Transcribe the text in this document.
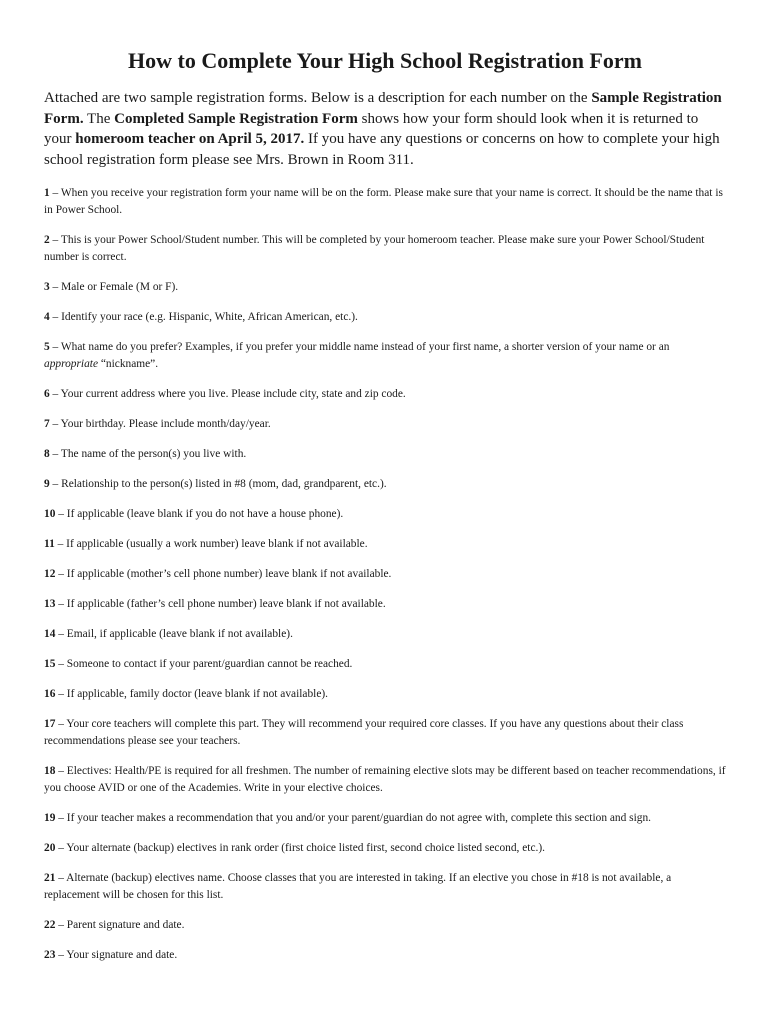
How to Complete Your High School Registration Form

Attached are two sample registration forms. Below is a description for each number on the Sample Registration Form. The Completed Sample Registration Form shows how your form should look when it is returned to your homeroom teacher on April 5, 2017. If you have any questions or concerns on how to complete your high school registration form please see Mrs. Brown in Room 311.

1 – When you receive your registration form your name will be on the form. Please make sure that your name is correct. It should be the name that is in Power School.

2 – This is your Power School/Student number. This will be completed by your homeroom teacher. Please make sure your Power School/Student number is correct.

3 – Male or Female (M or F).

4 – Identify your race (e.g. Hispanic, White, African American, etc.).

5 – What name do you prefer? Examples, if you prefer your middle name instead of your first name, a shorter version of your name or an appropriate “nickname”.

6 – Your current address where you live. Please include city, state and zip code.

7 – Your birthday. Please include month/day/year.

8 – The name of the person(s) you live with.

9 – Relationship to the person(s) listed in #8 (mom, dad, grandparent, etc.).

10 – If applicable (leave blank if you do not have a house phone).

11 – If applicable (usually a work number) leave blank if not available.

12 – If applicable (mother’s cell phone number) leave blank if not available.

13 – If applicable (father’s cell phone number) leave blank if not available.

14 – Email, if applicable (leave blank if not available).

15 – Someone to contact if your parent/guardian cannot be reached.

16 – If applicable, family doctor (leave blank if not available).

17 – Your core teachers will complete this part. They will recommend your required core classes. If you have any questions about their class recommendations please see your teachers.

18 – Electives: Health/PE is required for all freshmen. The number of remaining elective slots may be different based on teacher recommendations, if you choose AVID or one of the Academies. Write in your elective choices.

19 – If your teacher makes a recommendation that you and/or your parent/guardian do not agree with, complete this section and sign.

20 – Your alternate (backup) electives in rank order (first choice listed first, second choice listed second, etc.).

21 – Alternate (backup) electives name. Choose classes that you are interested in taking. If an elective you chose in #18 is not available, a replacement will be chosen for this list.

22 – Parent signature and date.

23 – Your signature and date.
